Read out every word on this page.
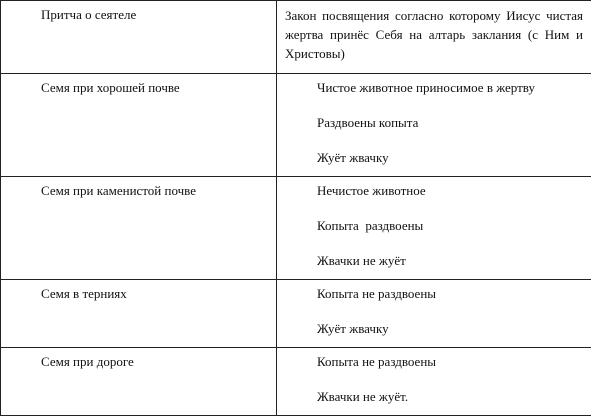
Притча о сеятеле	Закон посвящения согласно которому Иисус чистая жертва принёс Себя на алтарь заклания (с Ним и Христовы)

Семя при хорошей почве	Чистое животное приносимое в жертву
Раздвоены копыта
Жуёт жвачку

Семя при каменистой почве	Нечистое животное
Копыта  раздвоены
Жвачки не жуёт

Семя в терниях	Копыта не раздвоены
Жуёт жвачку

Семя при дороге	Копыта не раздвоены
Жвачки не жуёт.
